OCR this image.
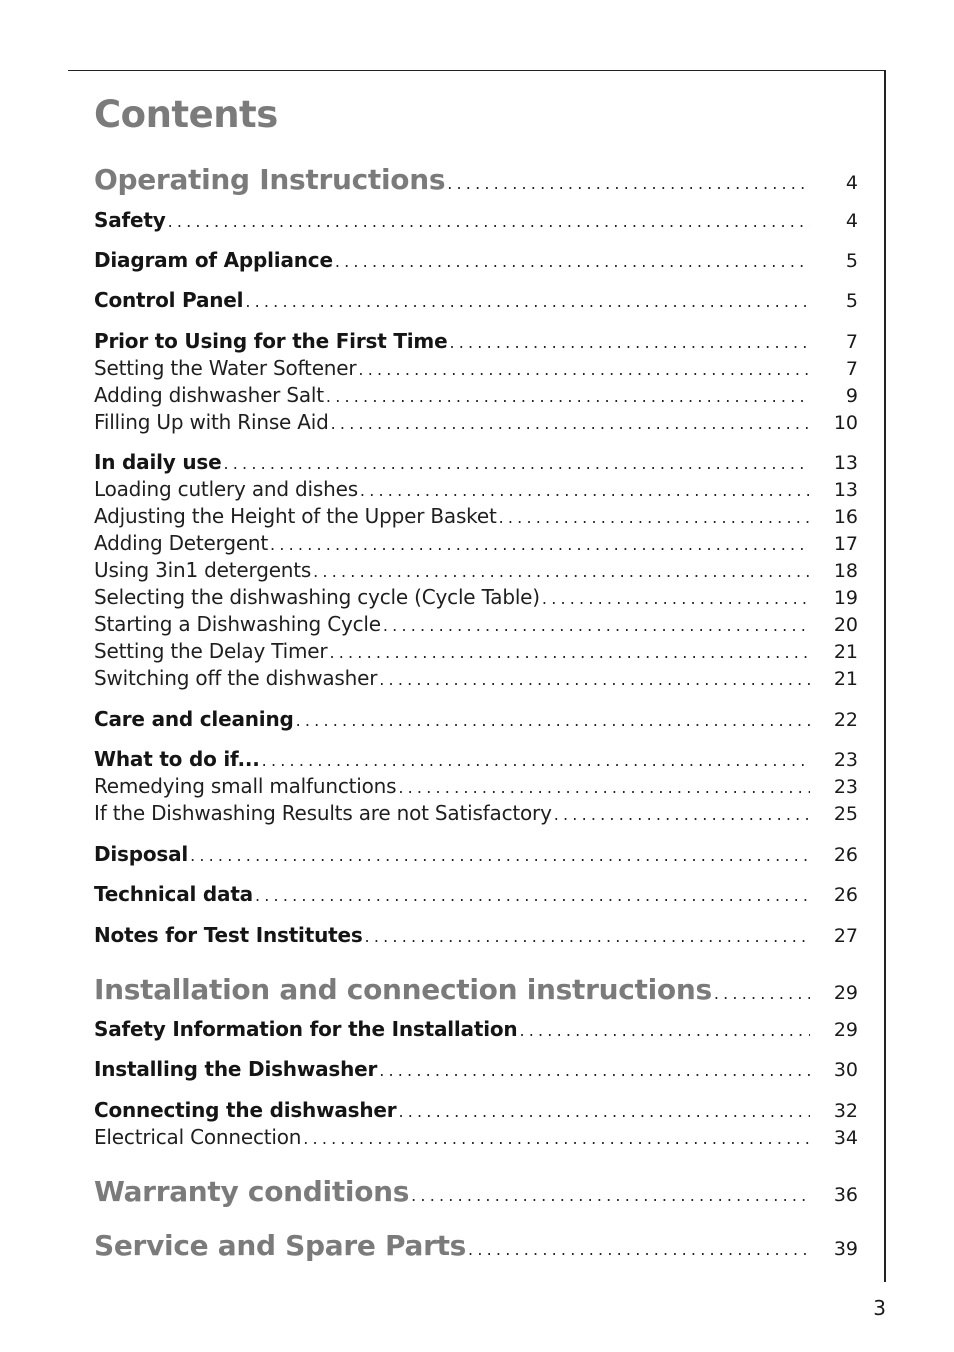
Contents
Operating Instructions .....	4
Safety .....	4
Diagram of Appliance .....	5
Control Panel .....	5
Prior to Using for the First Time .....	7
Setting the Water Softener .....	7
Adding dishwasher Salt .....	9
Filling Up with Rinse Aid .....	10
In daily use .....	13
Loading cutlery and dishes .....	13
Adjusting the Height of the Upper Basket .....	16
Adding Detergent .....	17
Using 3in1 detergents .....	18
Selecting the dishwashing cycle (Cycle Table) .....	19
Starting a Dishwashing Cycle .....	20
Setting the Delay Timer .....	21
Switching off the dishwasher .....	21
Care and cleaning .....	22
What to do if... .....	23
Remedying small malfunctions .....	23
If the Dishwashing Results are not Satisfactory .....	25
Disposal .....	26
Technical data .....	26
Notes for Test Institutes .....	27
Installation and connection instructions .....	29
Safety Information for the Installation .....	29
Installing the Dishwasher .....	30
Connecting the dishwasher .....	32
Electrical Connection .....	34
Warranty conditions .....	36
Service and Spare Parts .....	39
3
